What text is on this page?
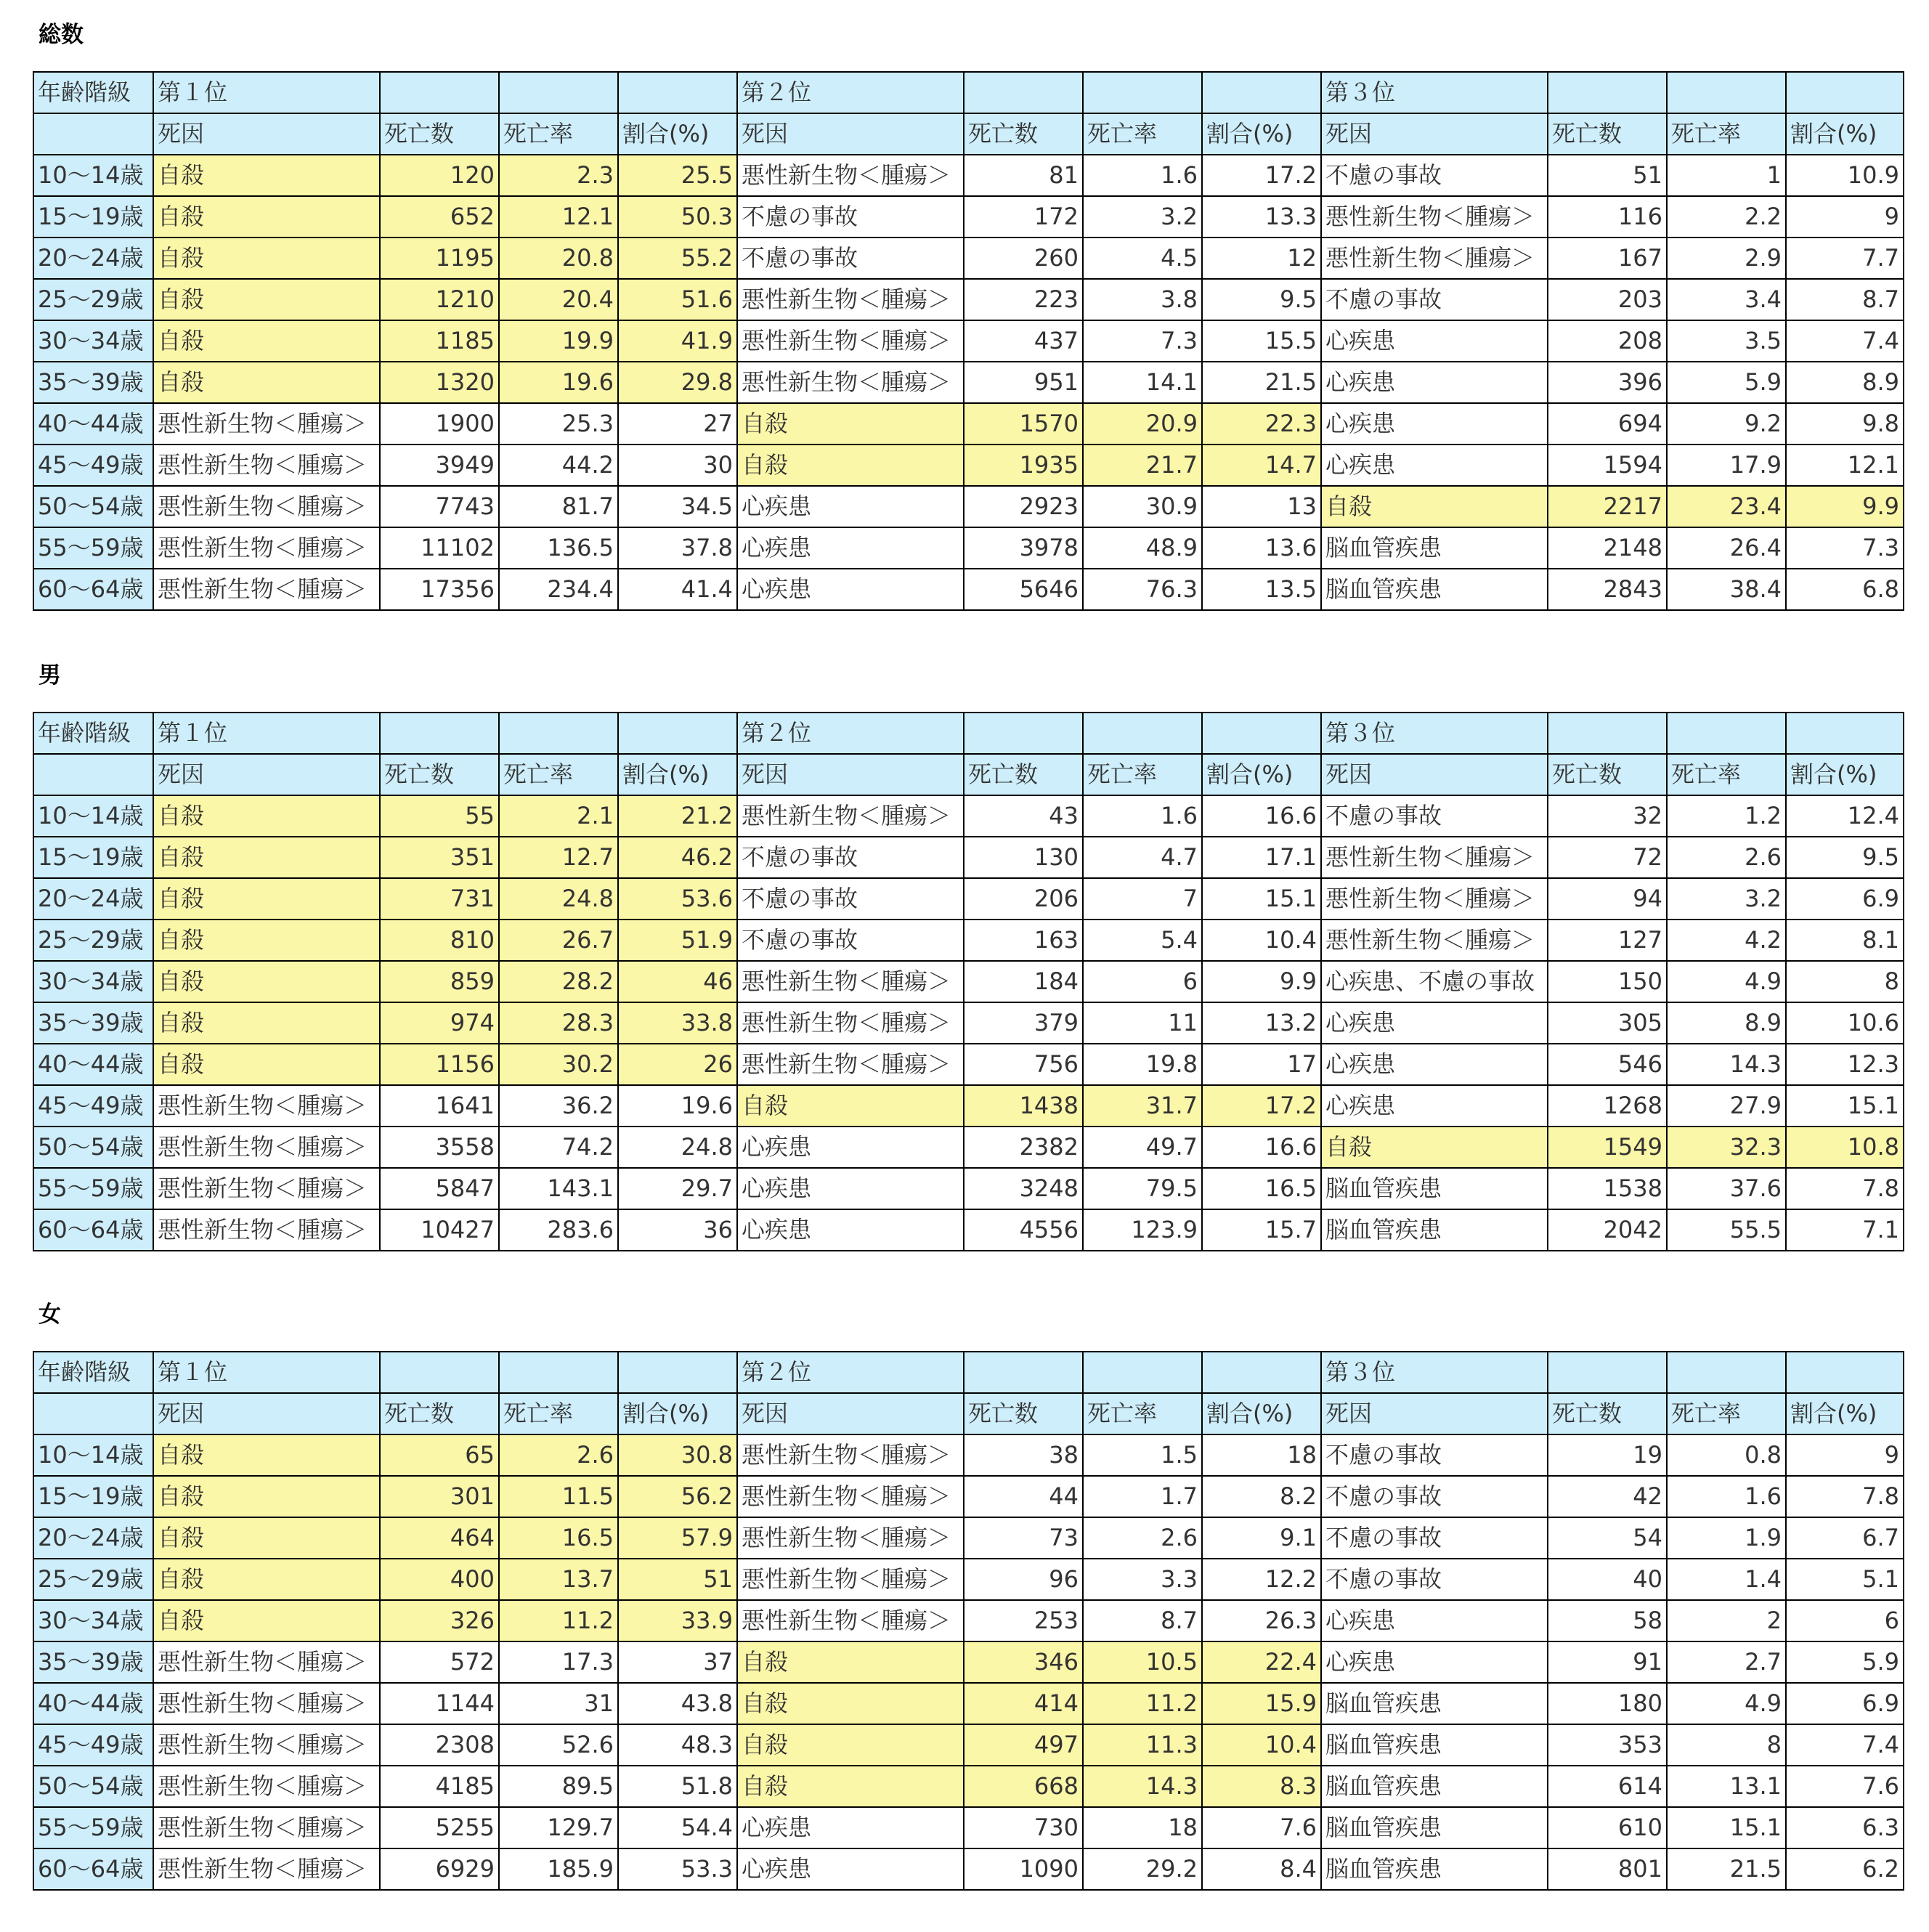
総数
年齢階級	第１位				第２位				第３位			
	死因	死亡数	死亡率	割合(%)	死因	死亡数	死亡率	割合(%)	死因	死亡数	死亡率	割合(%)
10～14歳	自殺	120	2.3	25.5	悪性新生物＜腫瘍＞	81	1.6	17.2	不慮の事故	51	1	10.9
15～19歳	自殺	652	12.1	50.3	不慮の事故	172	3.2	13.3	悪性新生物＜腫瘍＞	116	2.2	9
20～24歳	自殺	1195	20.8	55.2	不慮の事故	260	4.5	12	悪性新生物＜腫瘍＞	167	2.9	7.7
25～29歳	自殺	1210	20.4	51.6	悪性新生物＜腫瘍＞	223	3.8	9.5	不慮の事故	203	3.4	8.7
30～34歳	自殺	1185	19.9	41.9	悪性新生物＜腫瘍＞	437	7.3	15.5	心疾患	208	3.5	7.4
35～39歳	自殺	1320	19.6	29.8	悪性新生物＜腫瘍＞	951	14.1	21.5	心疾患	396	5.9	8.9
40～44歳	悪性新生物＜腫瘍＞	1900	25.3	27	自殺	1570	20.9	22.3	心疾患	694	9.2	9.8
45～49歳	悪性新生物＜腫瘍＞	3949	44.2	30	自殺	1935	21.7	14.7	心疾患	1594	17.9	12.1
50～54歳	悪性新生物＜腫瘍＞	7743	81.7	34.5	心疾患	2923	30.9	13	自殺	2217	23.4	9.9
55～59歳	悪性新生物＜腫瘍＞	11102	136.5	37.8	心疾患	3978	48.9	13.6	脳血管疾患	2148	26.4	7.3
60～64歳	悪性新生物＜腫瘍＞	17356	234.4	41.4	心疾患	5646	76.3	13.5	脳血管疾患	2843	38.4	6.8
男
年齢階級	第１位				第２位				第３位			
	死因	死亡数	死亡率	割合(%)	死因	死亡数	死亡率	割合(%)	死因	死亡数	死亡率	割合(%)
10～14歳	自殺	55	2.1	21.2	悪性新生物＜腫瘍＞	43	1.6	16.6	不慮の事故	32	1.2	12.4
15～19歳	自殺	351	12.7	46.2	不慮の事故	130	4.7	17.1	悪性新生物＜腫瘍＞	72	2.6	9.5
20～24歳	自殺	731	24.8	53.6	不慮の事故	206	7	15.1	悪性新生物＜腫瘍＞	94	3.2	6.9
25～29歳	自殺	810	26.7	51.9	不慮の事故	163	5.4	10.4	悪性新生物＜腫瘍＞	127	4.2	8.1
30～34歳	自殺	859	28.2	46	悪性新生物＜腫瘍＞	184	6	9.9	心疾患、不慮の事故	150	4.9	8
35～39歳	自殺	974	28.3	33.8	悪性新生物＜腫瘍＞	379	11	13.2	心疾患	305	8.9	10.6
40～44歳	自殺	1156	30.2	26	悪性新生物＜腫瘍＞	756	19.8	17	心疾患	546	14.3	12.3
45～49歳	悪性新生物＜腫瘍＞	1641	36.2	19.6	自殺	1438	31.7	17.2	心疾患	1268	27.9	15.1
50～54歳	悪性新生物＜腫瘍＞	3558	74.2	24.8	心疾患	2382	49.7	16.6	自殺	1549	32.3	10.8
55～59歳	悪性新生物＜腫瘍＞	5847	143.1	29.7	心疾患	3248	79.5	16.5	脳血管疾患	1538	37.6	7.8
60～64歳	悪性新生物＜腫瘍＞	10427	283.6	36	心疾患	4556	123.9	15.7	脳血管疾患	2042	55.5	7.1
女
年齢階級	第１位				第２位				第３位			
	死因	死亡数	死亡率	割合(%)	死因	死亡数	死亡率	割合(%)	死因	死亡数	死亡率	割合(%)
10～14歳	自殺	65	2.6	30.8	悪性新生物＜腫瘍＞	38	1.5	18	不慮の事故	19	0.8	9
15～19歳	自殺	301	11.5	56.2	悪性新生物＜腫瘍＞	44	1.7	8.2	不慮の事故	42	1.6	7.8
20～24歳	自殺	464	16.5	57.9	悪性新生物＜腫瘍＞	73	2.6	9.1	不慮の事故	54	1.9	6.7
25～29歳	自殺	400	13.7	51	悪性新生物＜腫瘍＞	96	3.3	12.2	不慮の事故	40	1.4	5.1
30～34歳	自殺	326	11.2	33.9	悪性新生物＜腫瘍＞	253	8.7	26.3	心疾患	58	2	6
35～39歳	悪性新生物＜腫瘍＞	572	17.3	37	自殺	346	10.5	22.4	心疾患	91	2.7	5.9
40～44歳	悪性新生物＜腫瘍＞	1144	31	43.8	自殺	414	11.2	15.9	脳血管疾患	180	4.9	6.9
45～49歳	悪性新生物＜腫瘍＞	2308	52.6	48.3	自殺	497	11.3	10.4	脳血管疾患	353	8	7.4
50～54歳	悪性新生物＜腫瘍＞	4185	89.5	51.8	自殺	668	14.3	8.3	脳血管疾患	614	13.1	7.6
55～59歳	悪性新生物＜腫瘍＞	5255	129.7	54.4	心疾患	730	18	7.6	脳血管疾患	610	15.1	6.3
60～64歳	悪性新生物＜腫瘍＞	6929	185.9	53.3	心疾患	1090	29.2	8.4	脳血管疾患	801	21.5	6.2
